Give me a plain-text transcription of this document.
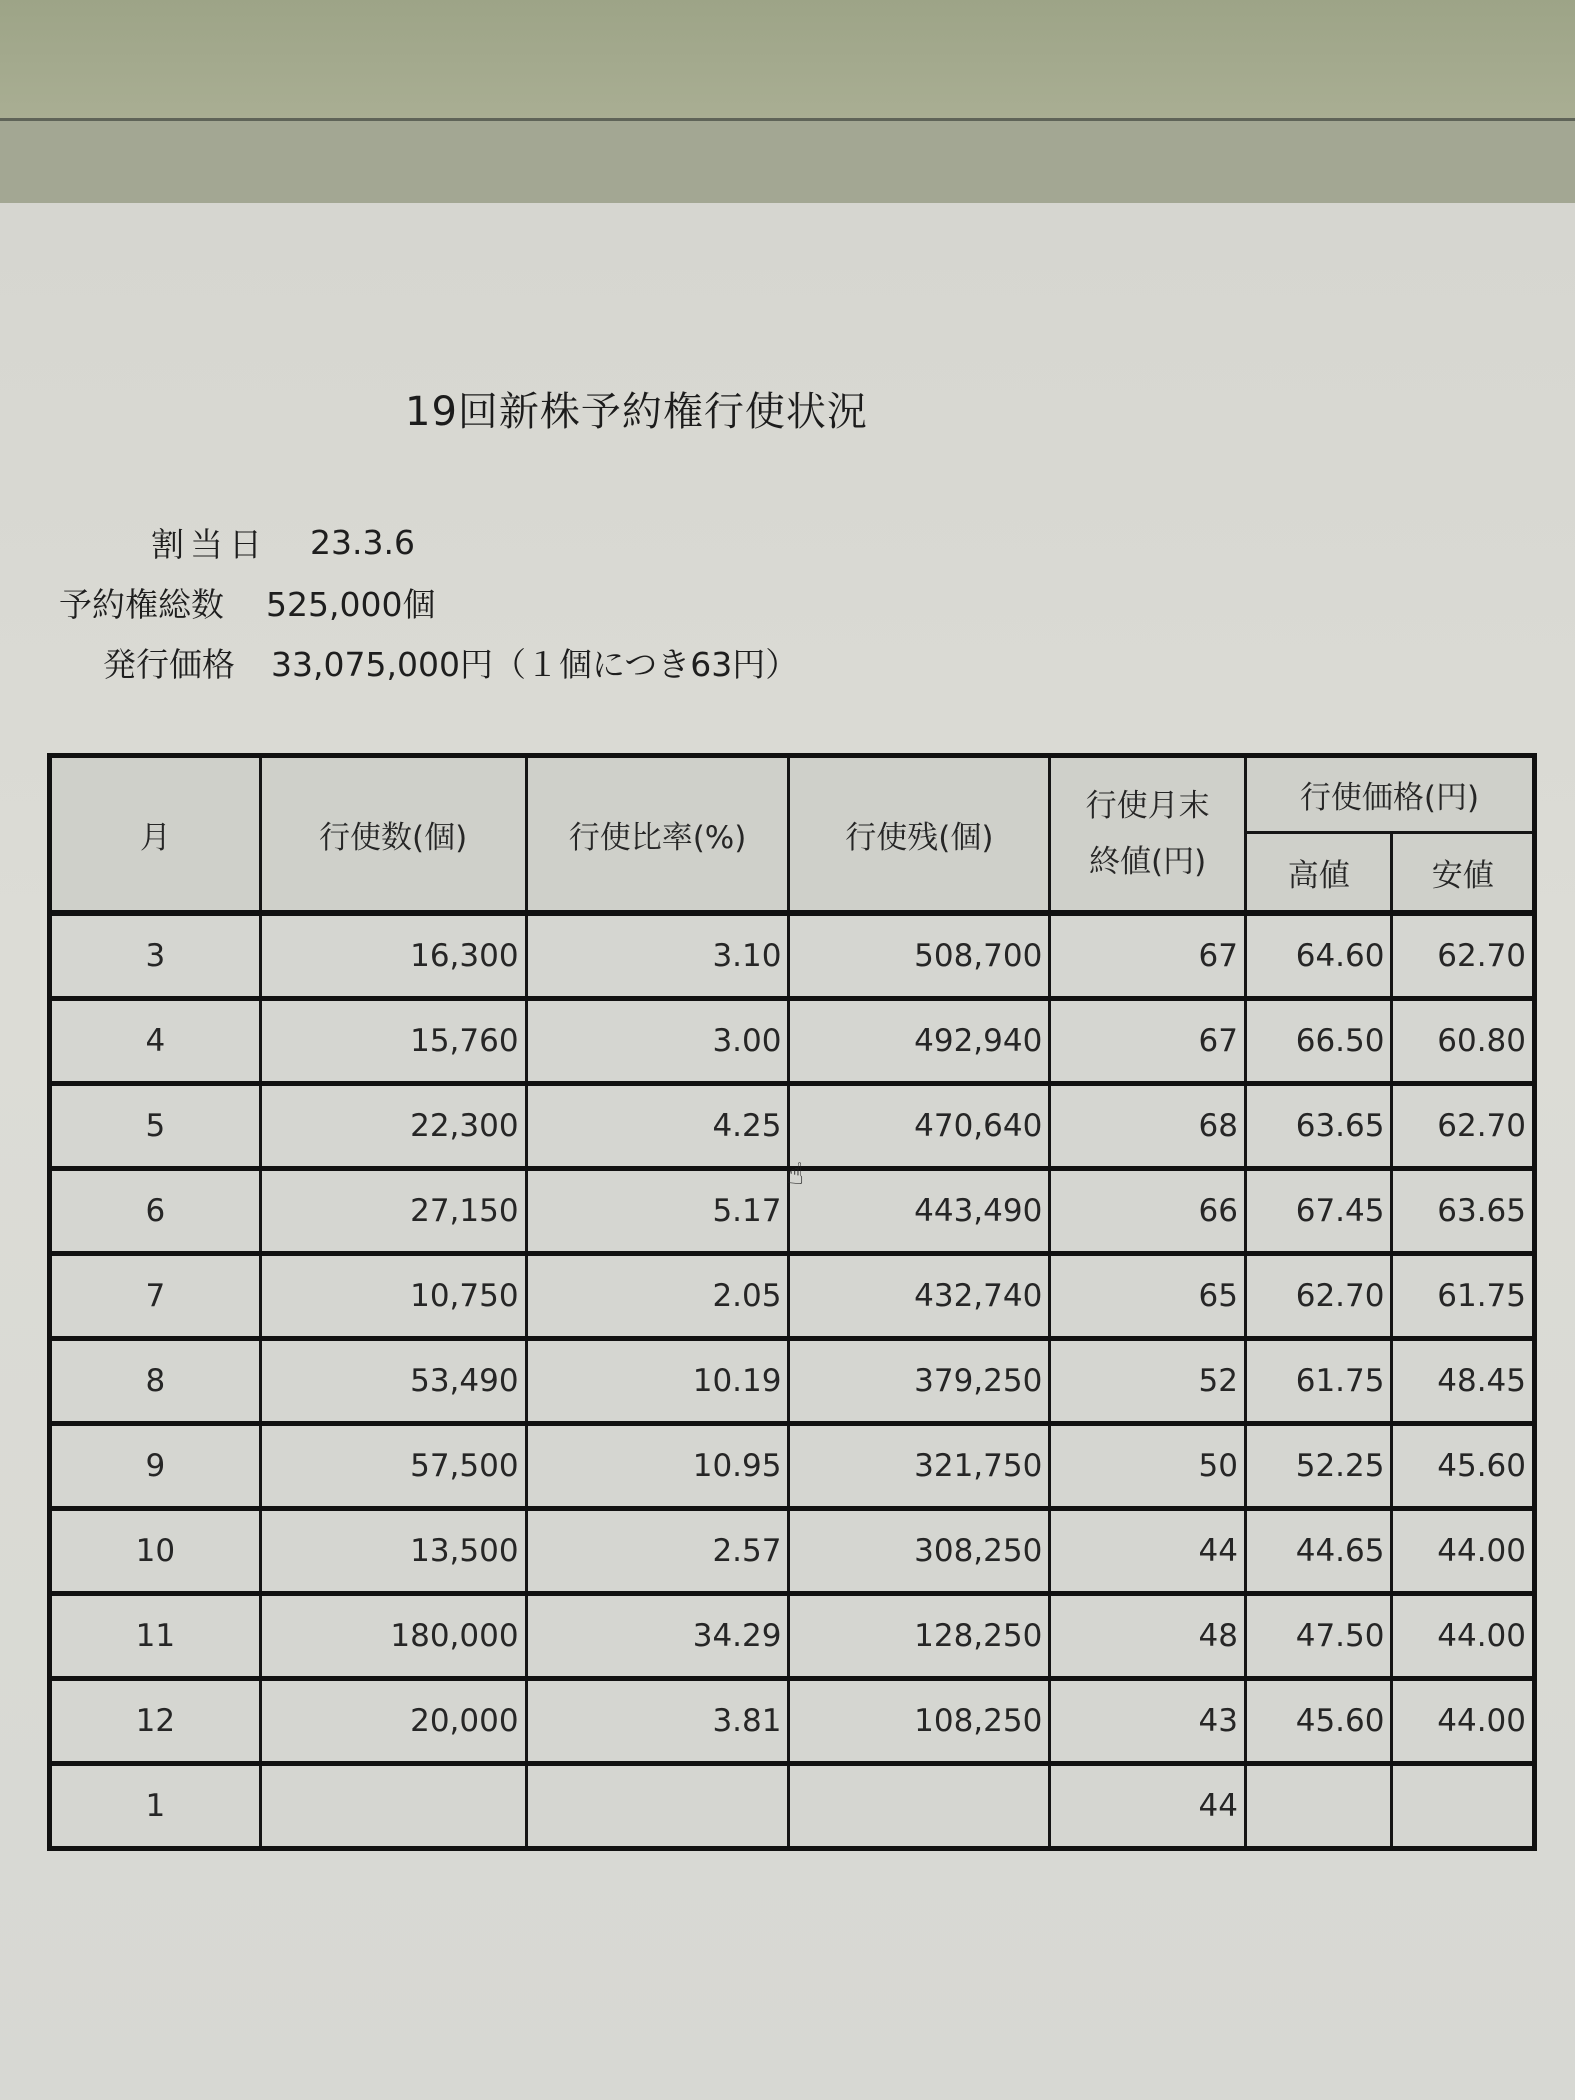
19回新株予約権行使状況
割当日	23.3.6
予約権総数	525,000個
発行価格	33,075,000円（１個につき63円）
月	行使数(個)	行使比率(%)	行使残(個)	行使月末
終値(円)	行使価格(円)	
					高値	安値
3	16,300	3.10	508,700	67	64.60	62.70
4	15,760	3.00	492,940	67	66.50	60.80
5	22,300	4.25	470,640	68	63.65	62.70
6	27,150	5.17	443,490	66	67.45	63.65
7	10,750	2.05	432,740	65	62.70	61.75
8	53,490	10.19	379,250	52	61.75	48.45
9	57,500	10.95	321,750	50	52.25	45.60
10	13,500	2.57	308,250	44	44.65	44.00
11	180,000	34.29	128,250	48	47.50	44.00
12	20,000	3.81	108,250	43	45.60	44.00
1				44		
☝
